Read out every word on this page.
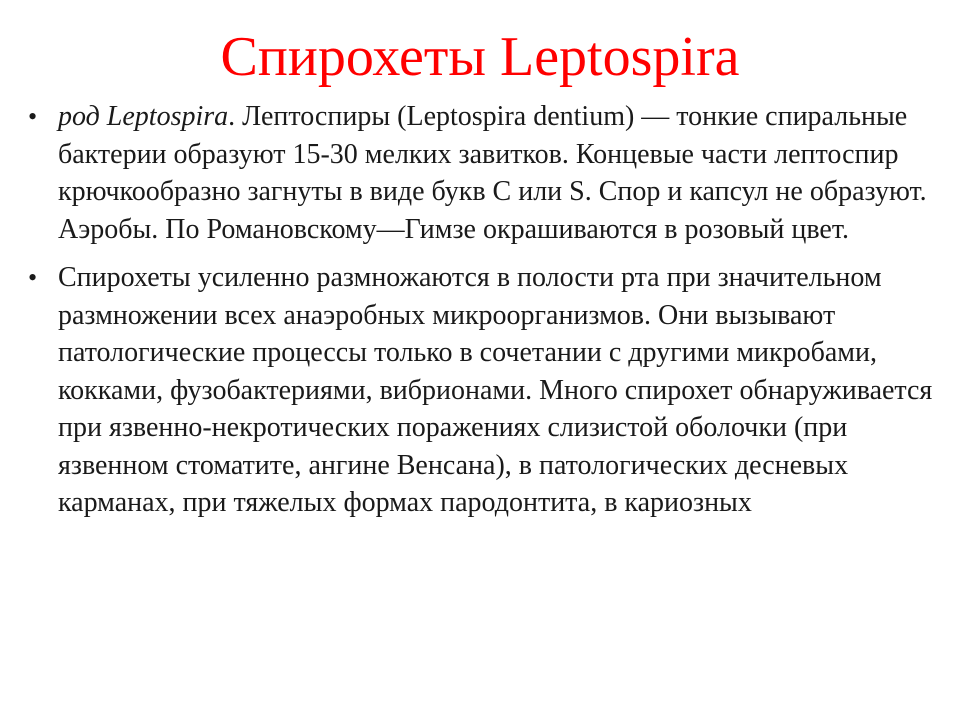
Спирохеты Leptospira
• род Leptospira. Лептоспиры (Leptospira dentium) — тонкие спиральные бактерии образуют 15-30 мелких завитков. Концевые части лептоспир крючкообразно загнуты в виде букв С или S. Спор и капсул не образуют. Аэробы. По Романовскому—Гимзе окрашиваются в розовый цвет.
• Спирохеты усиленно размножаются в полости рта при значительном размножении всех анаэробных микроорганизмов. Они вызывают патологические процессы только в сочетании с другими микробами, кокками, фузобактериями, вибрионами. Много спирохет обнаруживается при язвенно-некротических поражениях слизистой оболочки (при язвенном стоматите, ангине Венсана), в патологических десневых карманах, при тяжелых формах пародонтита, в кариозных
